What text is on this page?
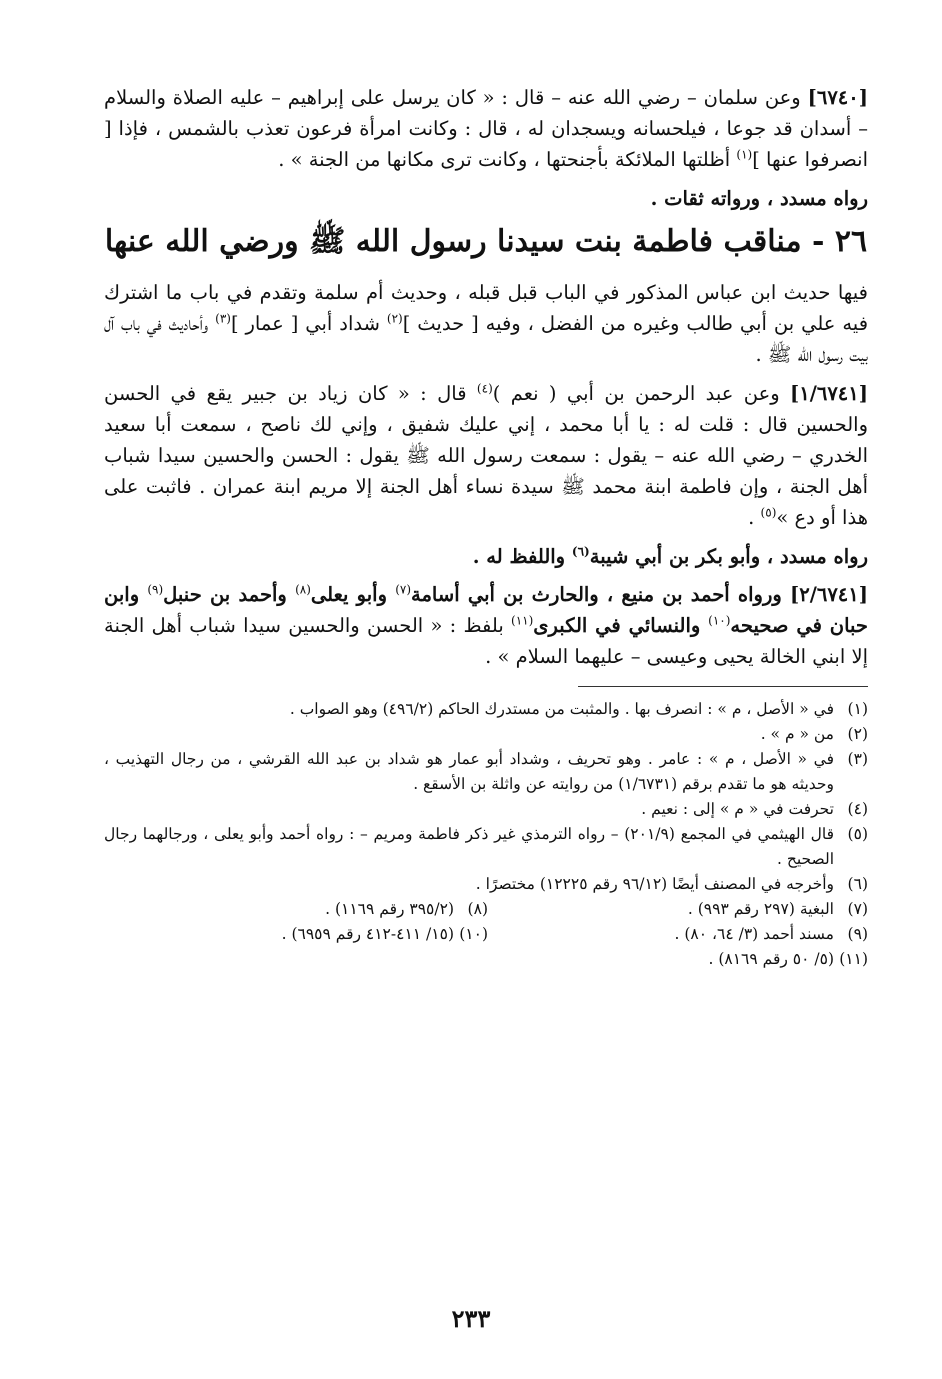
[٦٧٤٠] وعن سلمان – رضي الله عنه – قال : « كان يرسل على إبراهيم – عليه الصلاة والسلام – أسدان قد جوعا ، فيلحسانه ويسجدان له ، قال : وكانت امرأة فرعون تعذب بالشمس ، فإذا [ انصرفوا عنها ]$^{(١)}$ أظلتها الملائكة بأجنحتها ، وكانت ترى مكانها من الجنة » .

رواه مسدد ، ورواته ثقات .

٢٦ - مناقب فاطمة بنت سيدنا رسول الله ﷺ ورضي الله عنها

فيها حديث ابن عباس المذكور في الباب قبل قبله ، وحديث أم سلمة وتقدم في باب ما اشترك فيه علي بن أبي طالب وغيره من الفضل ، وفيه [ حديث ]$^{(٢)}$ شداد أبي [ عمار ]$^{(٣)}$ وأحاديث في باب آل بيت رسول الله ﷺ .

[١/٦٧٤١] وعن عبد الرحمن بن أبي ( نعم )$^{(٤)}$ قال : « كان زياد بن جبير يقع في الحسن والحسين قال : قلت له : يا أبا محمد ، إني عليك شفيق ، وإني لك ناصح ، سمعت أبا سعيد الخدري – رضي الله عنه – يقول : سمعت رسول الله ﷺ يقول : الحسن والحسين سيدا شباب أهل الجنة ، وإن فاطمة ابنة محمد ﷺ سيدة نساء أهل الجنة إلا مريم ابنة عمران . فاثبت على هذا أو دع »$^{(٥)}$ .

رواه مسدد ، وأبو بكر بن أبي شيبة$^{(٦)}$ واللفظ له .

[٢/٦٧٤١] ورواه أحمد بن منيع ، والحارث بن أبي أسامة$^{(٧)}$ وأبو يعلى$^{(٨)}$ وأحمد بن حنبل$^{(٩)}$ وابن حبان في صحيحه$^{(١٠)}$ والنسائي في الكبرى$^{(١١)}$ بلفظ : « الحسن والحسين سيدا شباب أهل الجنة إلا ابني الخالة يحيى وعيسى – عليهما السلام » .

(١)
في « الأصل ، م » : انصرف بها . والمثبت من مستدرك الحاكم (٤٩٦/٢) وهو الصواب .
(٢)
من « م » .
(٣)
في « الأصل ، م » : عامر . وهو تحريف ، وشداد أبو عمار هو شداد بن عبد الله القرشي ، من رجال التهذيب ، وحديثه هو ما تقدم برقم (١/٦٧٣١) من روايته عن واثلة بن الأسقع .
(٤)
تحرفت في « م » إلى : نعيم .
(٥)
قال الهيثمي في المجمع (٢٠١/٩) – رواه الترمذي غير ذكر فاطمة ومريم – : رواه أحمد وأبو يعلى ، ورجالهما رجال الصحيح .
(٦)
وأخرجه في المصنف أيضًا (٩٦/١٢ رقم ١٢٢٢٥) مختصرًا .
(٧)
البغية (٢٩٧ رقم ٩٩٣) .
(٨)
(٣٩٥/٢ رقم ١١٦٩) .
(٩)
مسند أحمد (٣/ ٦٤، ٨٠) .
(١٠)
(١٥/ ٤١١-٤١٢ رقم ٦٩٥٩) .
(١١)
(٥/ ٥٠ رقم ٨١٦٩) .
٢٣٣
